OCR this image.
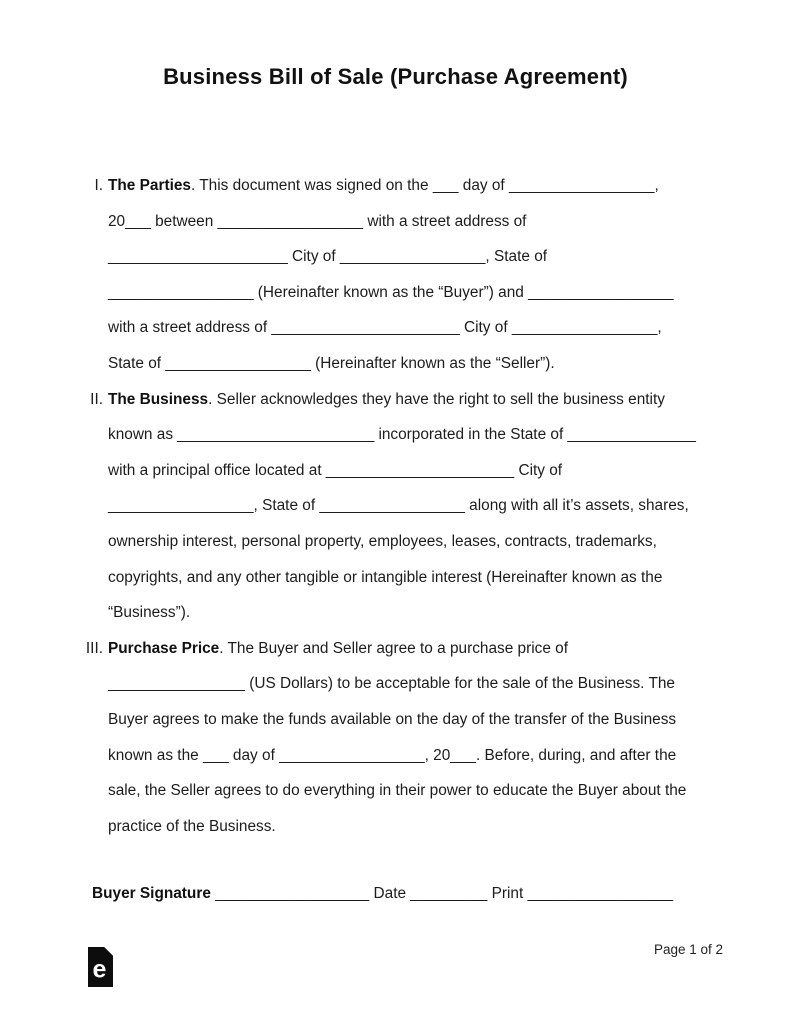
Business Bill of Sale (Purchase Agreement)
I. The Parties. This document was signed on the ___ day of _________________,
20___ between _________________ with a street address of
_____________________ City of _________________, State of
_________________ (Hereinafter known as the “Buyer”) and _________________
with a street address of ______________________ City of _________________,
State of _________________ (Hereinafter known as the “Seller”).
II. The Business. Seller acknowledges they have the right to sell the business entity
known as _______________________ incorporated in the State of _______________
with a principal office located at ______________________ City of
_________________, State of _________________ along with all it’s assets, shares,
ownership interest, personal property, employees, leases, contracts, trademarks,
copyrights, and any other tangible or intangible interest (Hereinafter known as the
“Business”).
III. Purchase Price. The Buyer and Seller agree to a purchase price of
________________ (US Dollars) to be acceptable for the sale of the Business. The
Buyer agrees to make the funds available on the day of the transfer of the Business
known as the ___ day of _________________, 20___. Before, during, and after the
sale, the Seller agrees to do everything in their power to educate the Buyer about the
practice of the Business.
Buyer Signature __________________ Date _________ Print _________________
e
Page 1 of 2
